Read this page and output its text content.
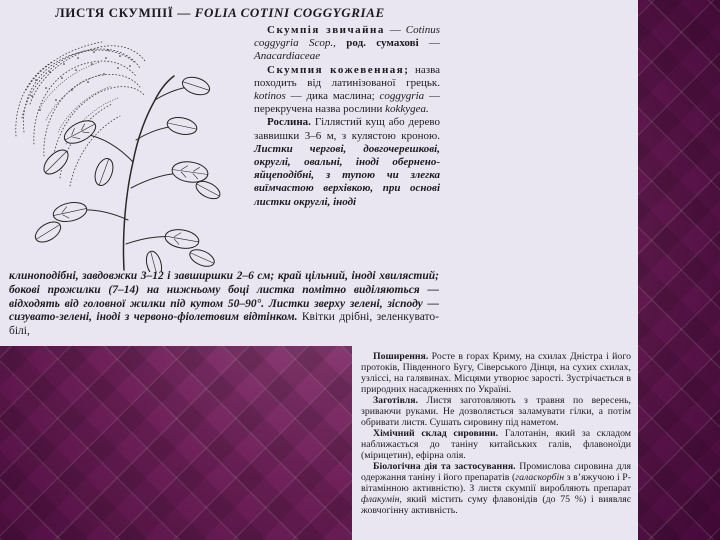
ЛИСТЯ СКУМПІЇ — FOLIA COTINI COGGYGRIAE

Скумпія звичайна — Cotinus coggygria Scop., род. сумахові — Anacardiaceae

Скумпия кожевенная; назва походить від латинізованої грецьк. kotinos — дика маслина; coggygria — перекручена назва рослини kokkygea.

Рослина. Гіллястий кущ або дерево заввишки 3–6 м, з кулястою кроною. Листки чергові, довгочерешкові, округлі, овальні, іноді обернено-яйцеподібні, з тупою чи злегка виїмчастою верхівкою, при основі листки округлі, іноді

клиноподібні, завдовжки 3–12 і завширшки 2–6 см; край цільний, іноді хвилястий; бокові прожилки (7–14) на нижньому боці листка помітно виділяються — відходять від головної жилки під кутом 50–90°. Листки зверху зелені, зісподу — сизувато-зелені, іноді з червоно-фіолетовим відтінком. Квітки дрібні, зеленкувато-білі,

Поширення. Росте в горах Криму, на схилах Дністра і його протоків, Південного Бугу, Сіверського Дінця, на сухих схилах, узліссі, на галявинах. Місцями утворює зарості. Зустрічається в природних насадженнях по Україні.

Заготівля. Листя заготовляють з травня по вересень, зриваючи руками. Не дозволяється заламувати гілки, а потім обривати листя. Сушать сировину під наметом.

Хімічний склад сировини. Галотанін, який за складом наближається до таніну китайських галів, флавоноїди (мірицетин), ефірна олія.

Біологічна дія та застосування. Промислова сировина для одержання таніну і його препаратів (галаскорбін з в’яжучою і Р-вітамінною активністю). З листя скумпії виробляють препарат флакумін, який містить суму флавонідів (до 75 %) і виявляє жовчогінну активність.
